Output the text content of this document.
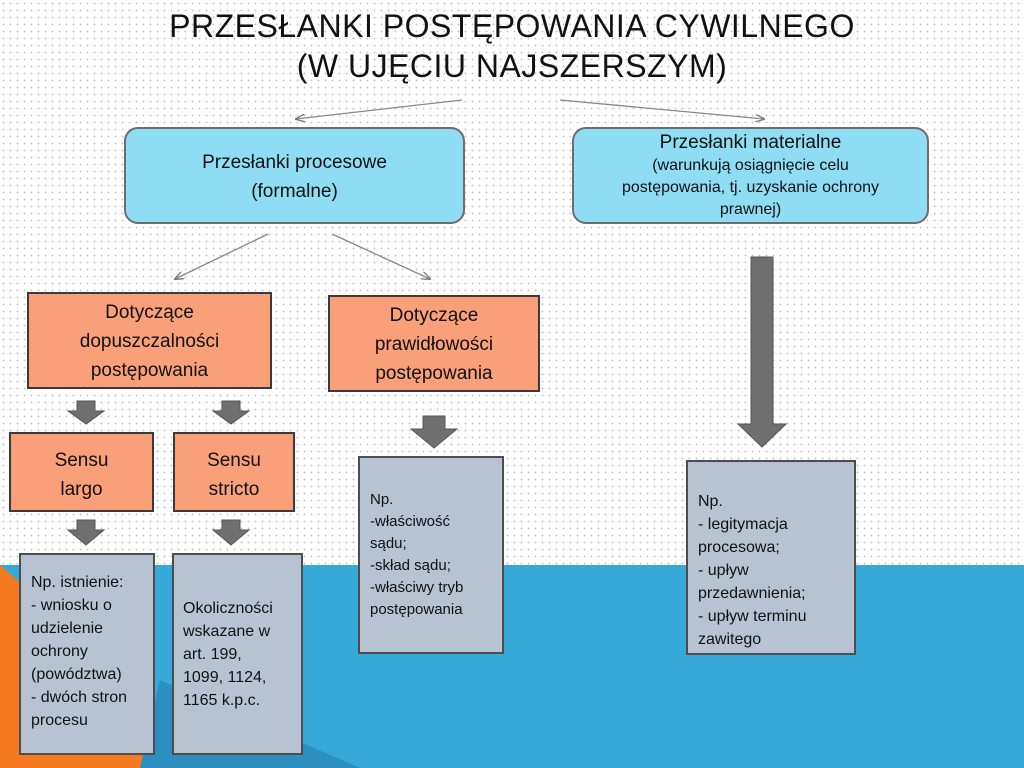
PRZESŁANKI POSTĘPOWANIA CYWILNEGO
(W UJĘCIU NAJSZERSZYM)
Przesłanki procesowe
(formalne)
Przesłanki materialne
(warunkują osiągnięcie celu
postępowania, tj. uzyskanie ochrony
prawnej)
Dotyczące
dopuszczalności
postępowania
Dotyczące
prawidłowości
postępowania
Sensu
largo
Sensu
stricto
Np. istnienie:
- wniosku o
udzielenie
ochrony
(powództwa)
- dwóch stron
procesu
Okoliczności
wskazane w
art. 199,
1099, 1124,
1165 k.p.c.
Np.
-właściwość
sądu;
-skład sądu;
-właściwy tryb
postępowania
Np.
- legitymacja
procesowa;
- upływ
przedawnienia;
- upływ terminu
zawitego
